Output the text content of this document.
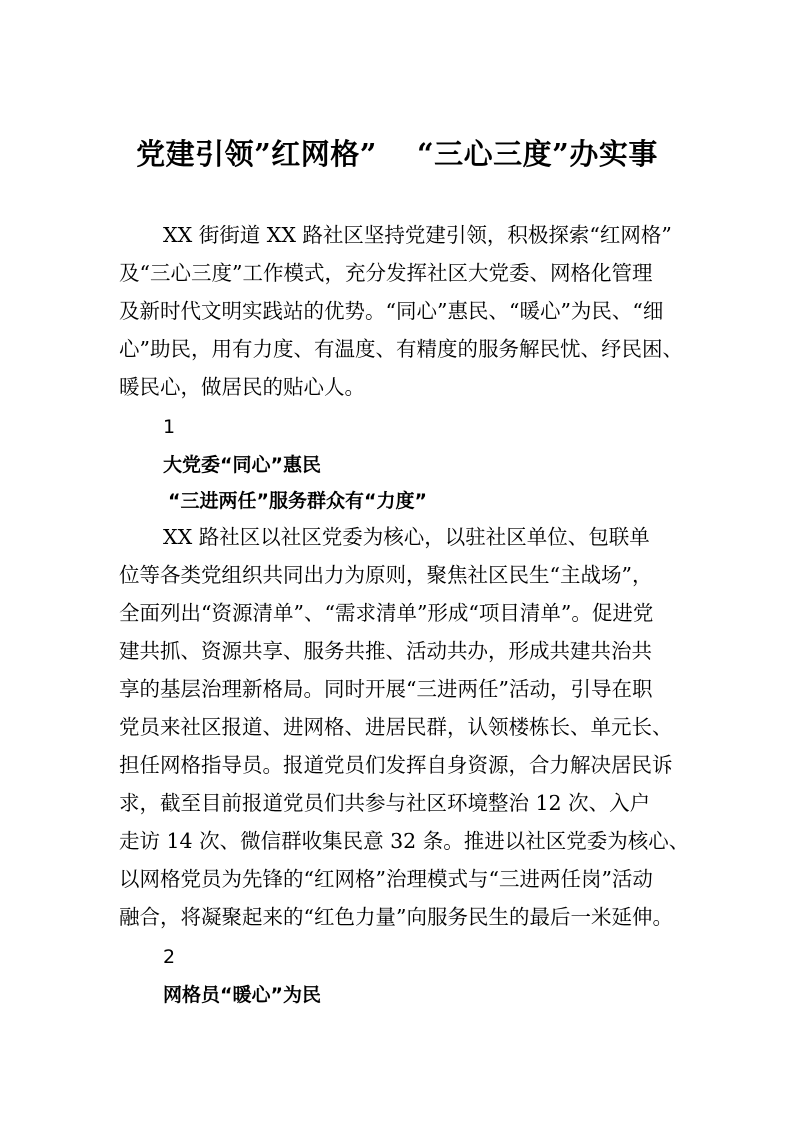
党建引领”红网格” “三心三度”办实事
XX 街街道 XX 路社区坚持党建引领，积极探索“红网格”
及“三心三度”工作模式，充分发挥社区大党委、网格化管理
及新时代文明实践站的优势。“同心”惠民、“暖心”为民、“细
心”助民，用有力度、有温度、有精度的服务解民忧、纾民困、
暖民心，做居民的贴心人。
1
大党委“同心”惠民
“三进两任”服务群众有“力度”
XX 路社区以社区党委为核心，以驻社区单位、包联单
位等各类党组织共同出力为原则，聚焦社区民生“主战场”，
全面列出“资源清单”、“需求清单”形成“项目清单”。促进党
建共抓、资源共享、服务共推、活动共办，形成共建共治共
享的基层治理新格局。同时开展“三进两任”活动，引导在职
党员来社区报道、进网格、进居民群，认领楼栋长、单元长、
担任网格指导员。报道党员们发挥自身资源，合力解决居民诉
求，截至目前报道党员们共参与社区环境整治 12 次、入户
走访 14 次、微信群收集民意 32 条。推进以社区党委为核心、
以网格党员为先锋的“红网格”治理模式与“三进两任岗”活动
融合，将凝聚起来的“红色力量”向服务民生的最后一米延伸。
2
网格员“暖心”为民
